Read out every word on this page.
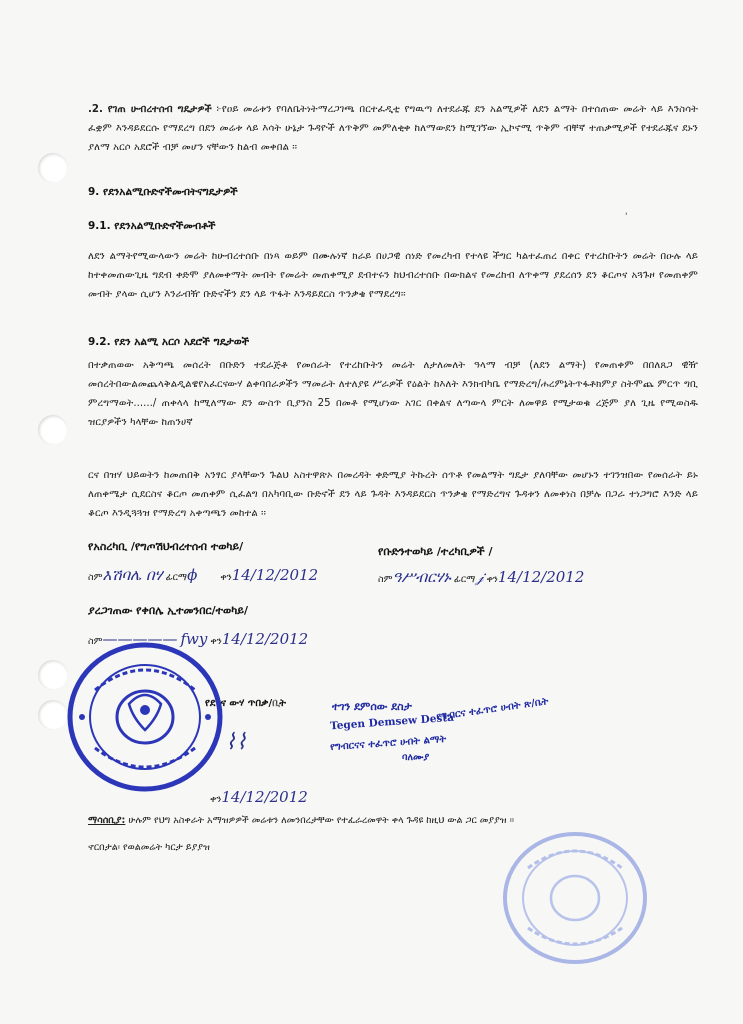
.2. የገጠ ሁብረተሰብ ግዴታዎች ፦የዐይ መሬቱን የባለቤትነትማረጋገጫ በርተፈዲቲ የግዉጣ ለተደራጁ ደን አልሚዎች ለደን ልማት በተሰጠው መሬት ላይ እንስሳት ፈቋም እንዳይደርሱ የማደረግ በደን መሬቱ ላይ እሳት ሁኔታ ጉዳዮች ለጥቅም መምለቂቀ ከለማውደን ከሚገኘው ኢኮኖሚ ጥቅም ብቸኛ ተጠቃሚዎች የተደራጁና ደኑን ያለማ አርሶ አደሮች ብቻ መሆን ናቸውን ከልብ መቀበል ፡፡
9. የደንአልሚቡድኖችመብትናግዴታዎች
9.1. የደንአልሚቡድኖችመብቶች
'
ለደን ልማትየሚውላውን መሬት ከሁብረተሰቡ በነጻ ወይም በሙሉነኛ ክራይ በሀጋዊ ሰነድ የመረካብ የተላዩ ችግር ካልተፈጠረ በቀር የተረከቡትን መሬት በዑሉ ላይ ከተቀመጠውጊዜ ግደብ ቀድሞ ያለመቀማት መብት የመሬት መጠቀሚያ ደብተሩን ከህብረተሰቡ በውክልና የመረከብ ለጥቀማ ያደረሰን ደን ቆርጦና አጓጉዞ የመጠቀም መብት ያላው ሲሆን እንራብዥ ቡድኖችን ደን ላይ ጥፋት እንዳይደርስ ጥንቃቄ የማደረግ፡፡
9.2. የደን አልሚ አርሶ አደሮች ግዴታወች
በተቃጠወው አቅጣጫ መሰረት በቡድን ተደራጅቶ የመሰራት የተረከቡትን መሬት ለታለመለት ዓላማ ብቻ (ለደን ልማት) የመጠቀም በበለጸጋ ዊዥ መሰረትበውልመጨላቅልዲልዌየአፈርናውሃ ልቀባበራዎችን ማመራት ለተለያዩ ሥራዎች የዕልት ከእለት እንክብካቤ የማድረግ/ሐረምኔትጥፋቶክምያ ስትሞጨ ምርጥ ግቢ ምረግማወት....../ ጠቀላላ ከሚለማው ደን ውስጥ ቢያንስ 25 በመቶ የሚሆነው አገር በቀልና ለጣውላ ምርት ለመዋይ የሚታወቁ ረጅም ያለ ጊዜ የሚወስዱ ዝርያዎችን ካላቸው ከጠንሀኛ
ርና በዝሃ ህይወትን ከመጠበቅ አንፃር ያላቸውን ጉልህ አስተዋጽኦ በመረዳት ቀድሚያ ትኩረት ሰጥቶ የመልማት ግዴታ ያለባቸው መሆኑን ተገንዝበው የመሰራት ይኑ ለጠቀሜታ ሲደርስና ቆርጦ መጠቀም ሲፈልግ በአካባቢው ቡድኖች ደን ላይ ጉዳት እንዳይደርስ ጥንቃቄ የማድረግና ጉዳቱን ለመቀነስ በቻሉ በጋራ ተነጋግሮ እንድ ላይ ቆርጦ እንዲጓጓዝ የማድረግ አቀጣጫን መከተል ፡፡
የአስረካቢ /የግጦሽህብረተሰብ ተወካይ/	የቡድንተወካይ /ተረካቢዎች /
ስምእሽባሌ በሃ ፊርማϕ ቀን14/12/2012	ስምዓሥብርሃኑ ፊርማ𝒿 ቀን14/12/2012
ያረጋገጠው የቀበሌ ኢተመንበር/ተወካይ/
ስም————— fwy ቀን14/12/2012
የደንና ውሃ ጥበቃ/ቢት
ቀን14/12/2012
⌇⌇
ተገን ደምሰው ደስታ
Tegen Demsew Desta
የግብርና ተፈጥሮ ሀብት ጽ/ቤት
የግብርናና ተፈጥሮ ሀብት ልማት
ባለሙያ
ማሳሰቢያ: ሁሉም የህግ አስቀራት አማዝዎዎች መሬቱን ለመንበረታቸው የተፈራረመዋት ቀላ ጉዳዩ ከዚህ ውል ጋር መያያዝ ።
ኖርበታል፡ የወልመሬት ካርታ ይያያዝ
